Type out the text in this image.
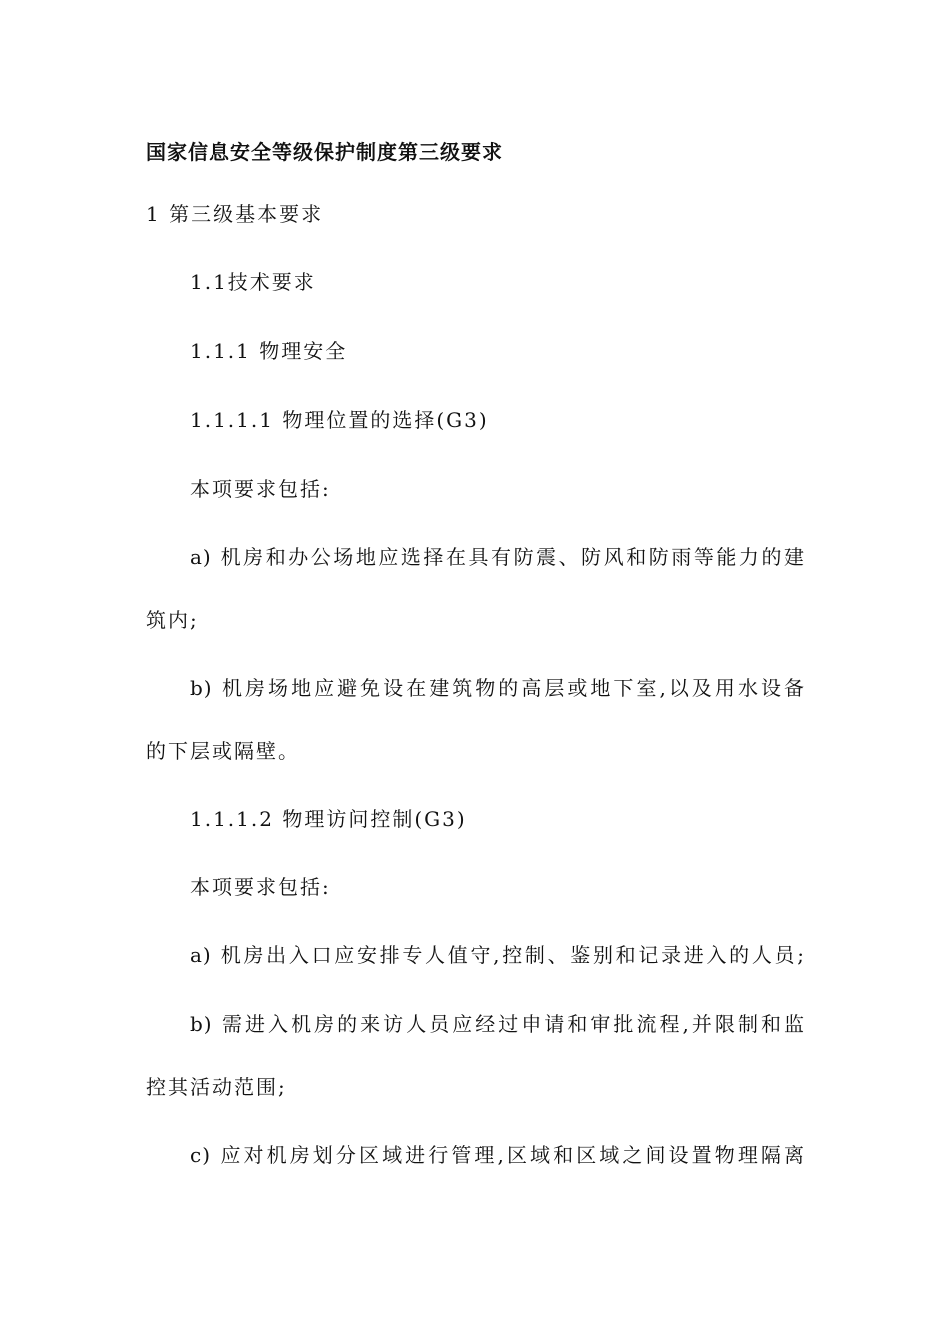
国家信息安全等级保护制度第三级要求
1 第三级基本要求
1.1技术要求
1.1.1 物理安全
1.1.1.1 物理位置的选择(G3)
本项要求包括:
a) 机房和办公场地应选择在具有防震、防风和防雨等能力的建
筑内;
b) 机房场地应避免设在建筑物的高层或地下室,以及用水设备
的下层或隔壁。
1.1.1.2 物理访问控制(G3)
本项要求包括:
a) 机房出入口应安排专人值守,控制、鉴别和记录进入的人员;
b) 需进入机房的来访人员应经过申请和审批流程,并限制和监
控其活动范围;
c) 应对机房划分区域进行管理,区域和区域之间设置物理隔离
